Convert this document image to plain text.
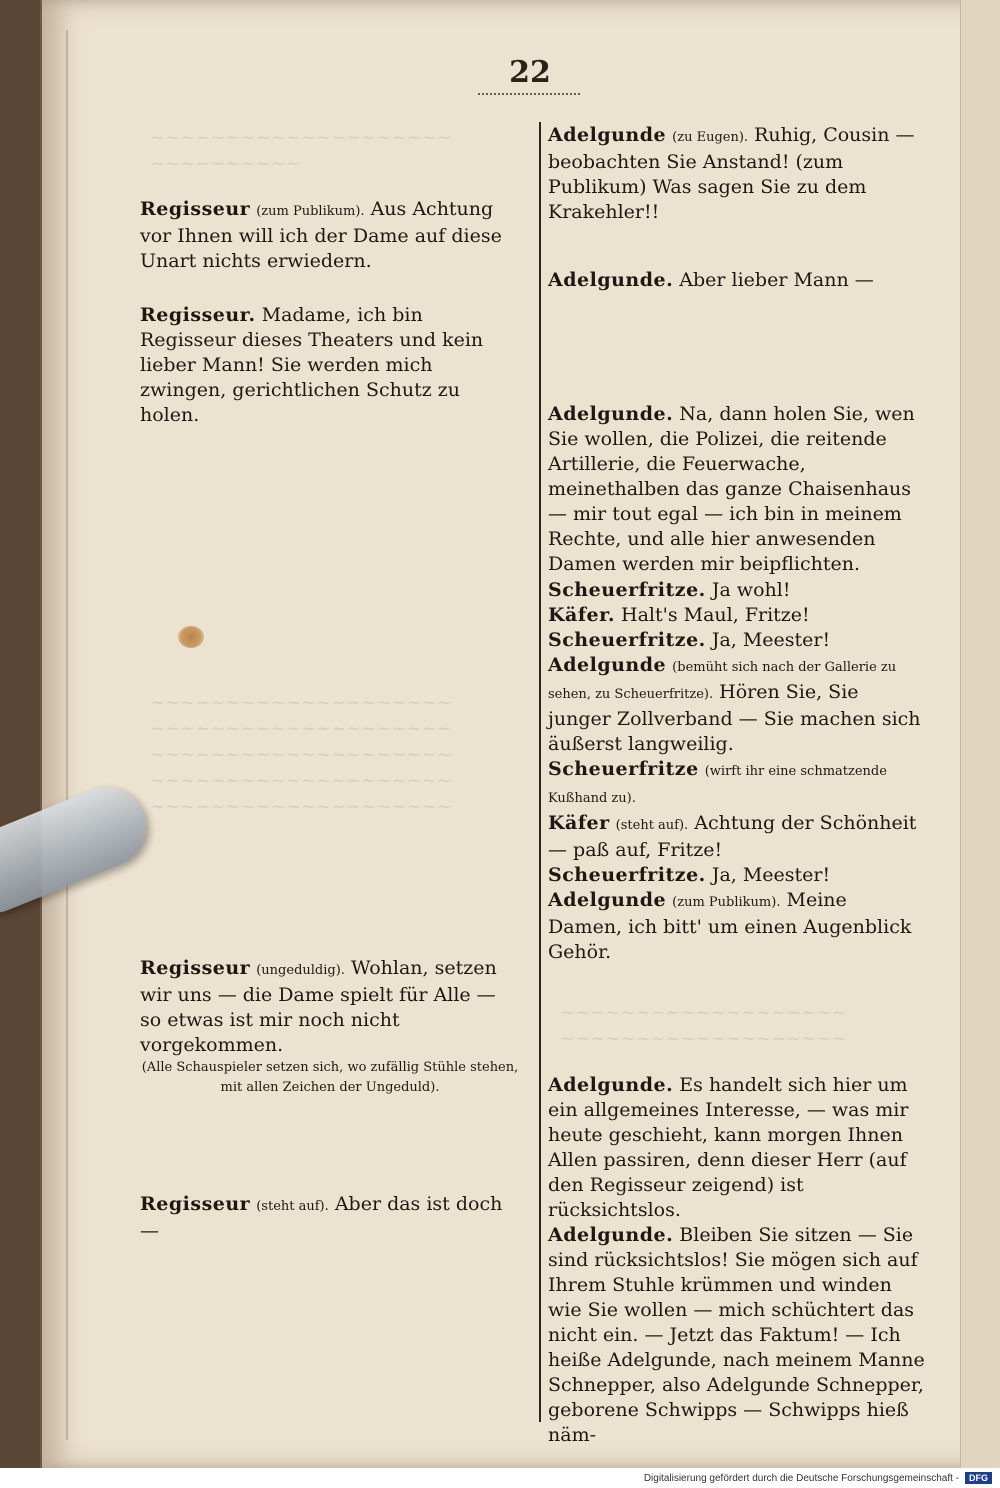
~~~~~~~~~~~~~~~~~~~~
~~~~~~~~~~
~~~~~~~~~~~~~~~~~~~~
~~~~~~~~~~~~~~~~~~~~
~~~~~~~~~~~~~~~~~~~~
~~~~~~~~~~~~~~~~~~~~
~~~~~~~~~~~~~~~~~~~~
~~~~~~~~~~~~~~~~~~~
~~~~~~~~~~~~~~~~~~~
22

Regisseur (zum Publikum). Aus Achtung vor Ihnen will ich der Dame auf diese Unart nichts erwiedern.

Regisseur. Madame, ich bin Regisseur dieses Theaters und kein lieber Mann! Sie werden mich zwingen, gerichtlichen Schutz zu holen.

Regisseur (ungeduldig). Wohlan, setzen wir uns — die Dame spielt für Alle — so etwas ist mir noch nicht vorgekommen.

(Alle Schauspieler setzen sich, wo zufällig Stühle stehen, mit allen Zeichen der Ungeduld).

Regisseur (steht auf). Aber das ist doch —

Adelgunde (zu Eugen). Ruhig, Cousin — beobachten Sie Anstand! (zum Publikum) Was sagen Sie zu dem Krakehler!!

Adelgunde. Aber lieber Mann —

Adelgunde. Na, dann holen Sie, wen Sie wollen, die Polizei, die reitende Artillerie, die Feuerwache, meinethalben das ganze Chaisenhaus — mir tout egal — ich bin in meinem Rechte, und alle hier anwesenden Damen werden mir beipflichten.

Scheuerfritze. Ja wohl!

Käfer. Halt's Maul, Fritze!

Scheuerfritze. Ja, Meester!

Adelgunde (bemüht sich nach der Gallerie zu sehen, zu Scheuerfritze). Hören Sie, Sie junger Zollverband — Sie machen sich äußerst langweilig.

Scheuerfritze (wirft ihr eine schmatzende Kußhand zu).

Käfer (steht auf). Achtung der Schönheit — paß auf, Fritze!

Scheuerfritze. Ja, Meester!

Adelgunde (zum Publikum). Meine Damen, ich bitt' um einen Augenblick Gehör.

Adelgunde. Es handelt sich hier um ein allgemeines Interesse, — was mir heute geschieht, kann morgen Ihnen Allen passiren, denn dieser Herr (auf den Regisseur zeigend) ist rücksichtslos.

Adelgunde. Bleiben Sie sitzen — Sie sind rücksichtslos! Sie mögen sich auf Ihrem Stuhle krümmen und winden wie Sie wollen — mich schüchtert das nicht ein. — Jetzt das Faktum! — Ich heiße Adelgunde, nach meinem Manne Schnepper, also Adelgunde Schnepper, geborene Schwipps — Schwipps hieß näm-

Digitalisierung gefördert durch die Deutsche Forschungsgemeinschaft -	DFG
